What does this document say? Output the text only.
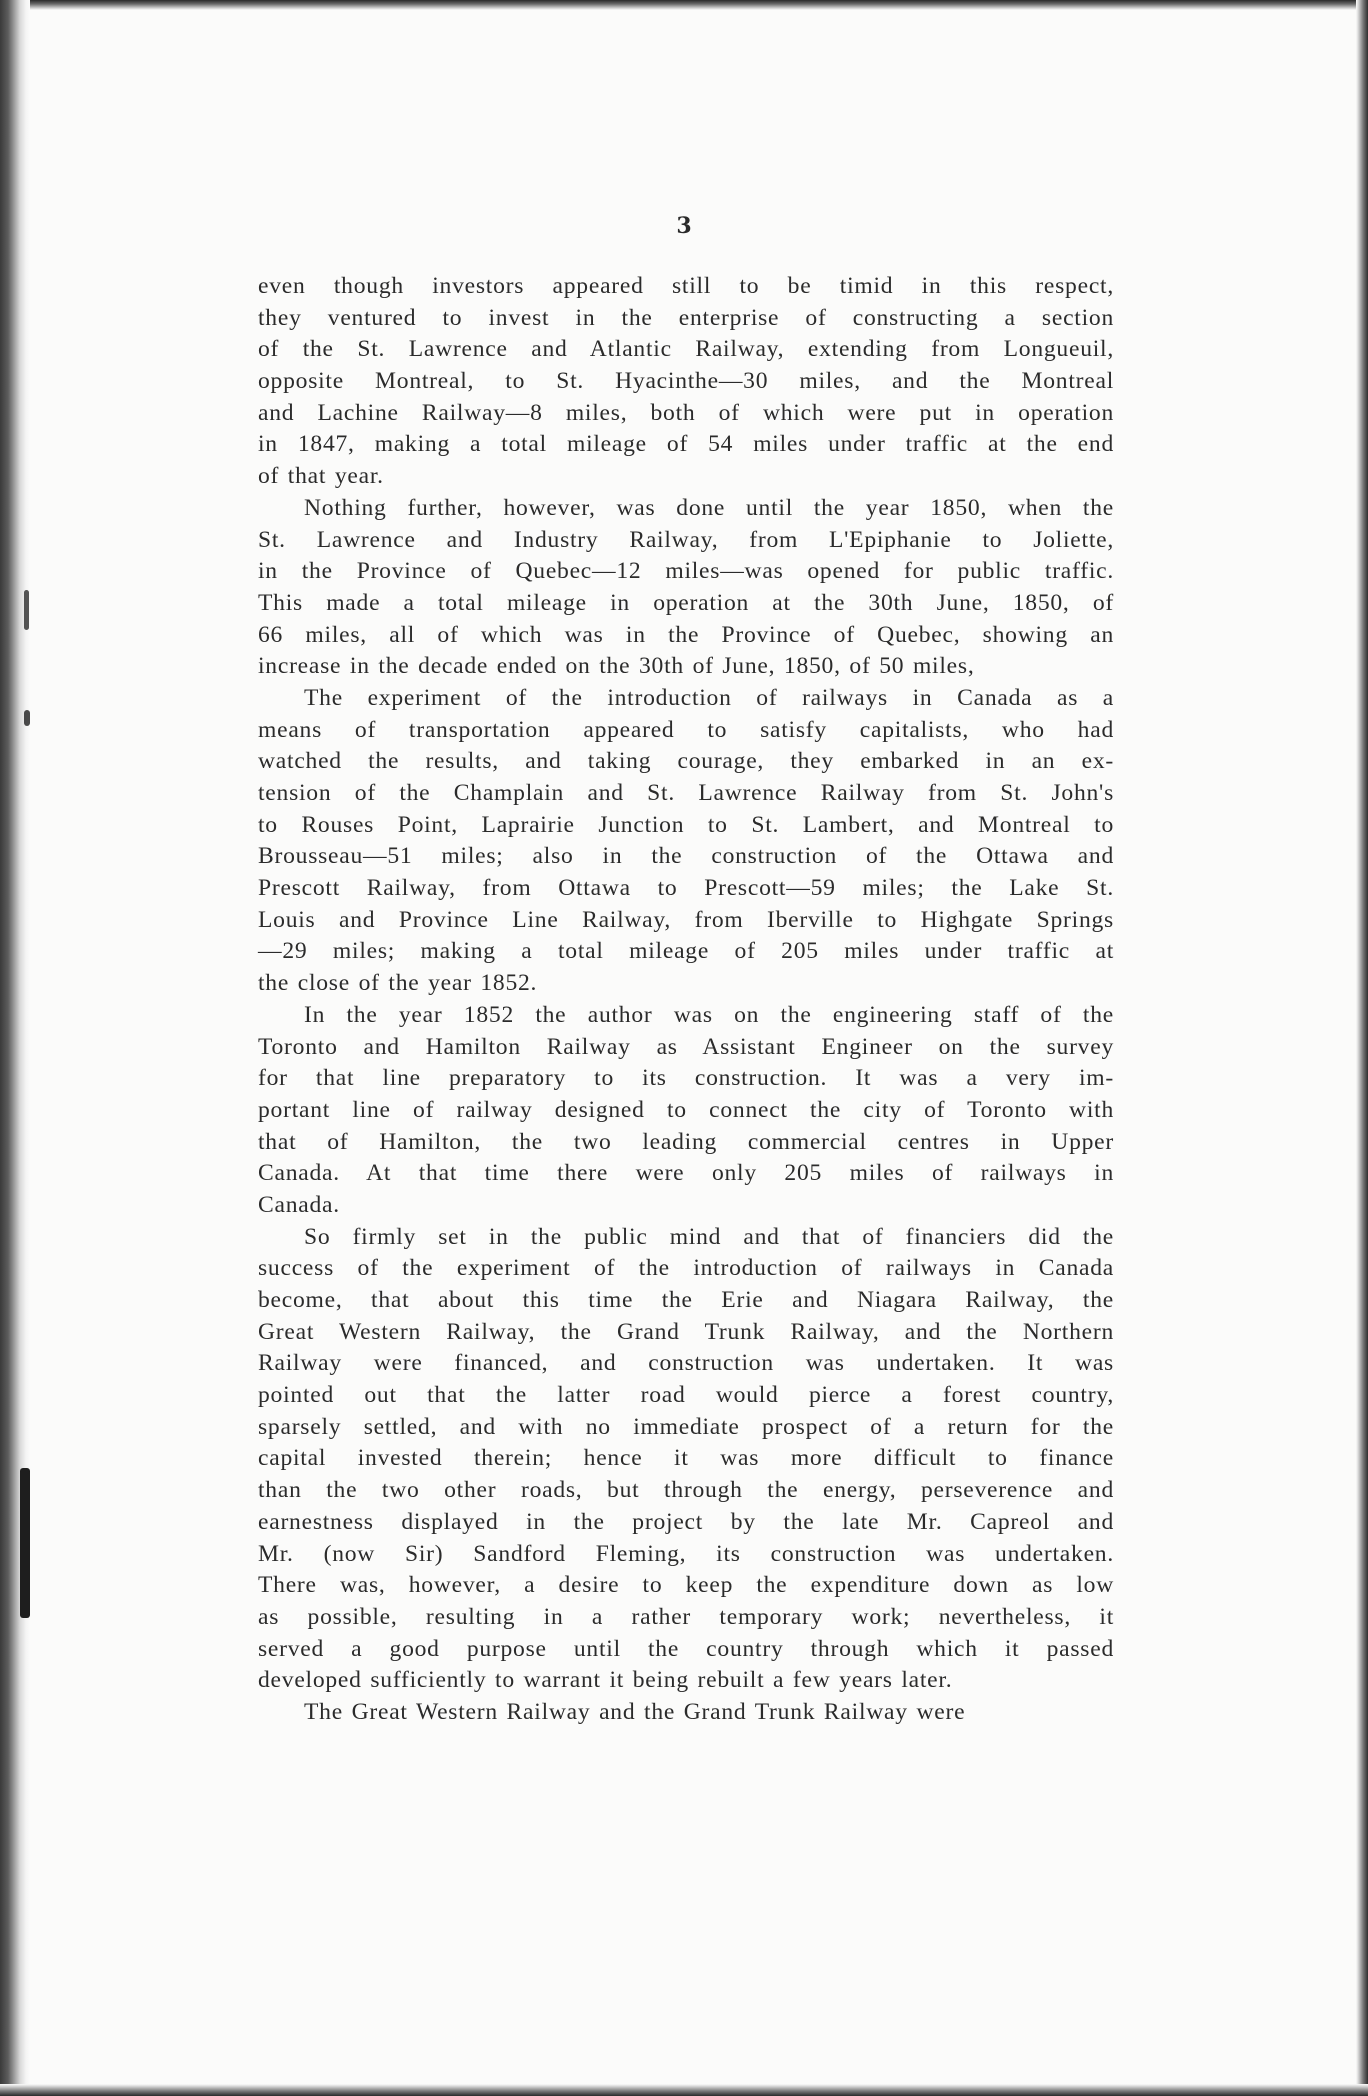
3
even though investors appeared still to be timid in this respect,
they ventured to invest in the enterprise of constructing a section
of the St. Lawrence and Atlantic Railway, extending from Longueuil,
opposite Montreal, to St. Hyacinthe—30 miles, and the Montreal
and Lachine Railway—8 miles, both of which were put in operation
in 1847, making a total mileage of 54 miles under traffic at the end
of that year.
Nothing further, however, was done until the year 1850, when the
St. Lawrence and Industry Railway, from L'Epiphanie to Joliette,
in the Province of Quebec—12 miles—was opened for public traffic.
This made a total mileage in operation at the 30th June, 1850, of
66 miles, all of which was in the Province of Quebec, showing an
increase in the decade ended on the 30th of June, 1850, of 50 miles,
The experiment of the introduction of railways in Canada as a
means of transportation appeared to satisfy capitalists, who had
watched the results, and taking courage, they embarked in an ex-
tension of the Champlain and St. Lawrence Railway from St. John's
to Rouses Point, Laprairie Junction to St. Lambert, and Montreal to
Brousseau—51 miles; also in the construction of the Ottawa and
Prescott Railway, from Ottawa to Prescott—59 miles; the Lake St.
Louis and Province Line Railway, from Iberville to Highgate Springs
—29 miles; making a total mileage of 205 miles under traffic at
the close of the year 1852.
In the year 1852 the author was on the engineering staff of the
Toronto and Hamilton Railway as Assistant Engineer on the survey
for that line preparatory to its construction. It was a very im-
portant line of railway designed to connect the city of Toronto with
that of Hamilton, the two leading commercial centres in Upper
Canada. At that time there were only 205 miles of railways in
Canada.
So firmly set in the public mind and that of financiers did the
success of the experiment of the introduction of railways in Canada
become, that about this time the Erie and Niagara Railway, the
Great Western Railway, the Grand Trunk Railway, and the Northern
Railway were financed, and construction was undertaken. It was
pointed out that the latter road would pierce a forest country,
sparsely settled, and with no immediate prospect of a return for the
capital invested therein; hence it was more difficult to finance
than the two other roads, but through the energy, perseverence and
earnestness displayed in the project by the late Mr. Capreol and
Mr. (now Sir) Sandford Fleming, its construction was undertaken.
There was, however, a desire to keep the expenditure down as low
as possible, resulting in a rather temporary work; nevertheless, it
served a good purpose until the country through which it passed
developed sufficiently to warrant it being rebuilt a few years later.
The Great Western Railway and the Grand Trunk Railway were
